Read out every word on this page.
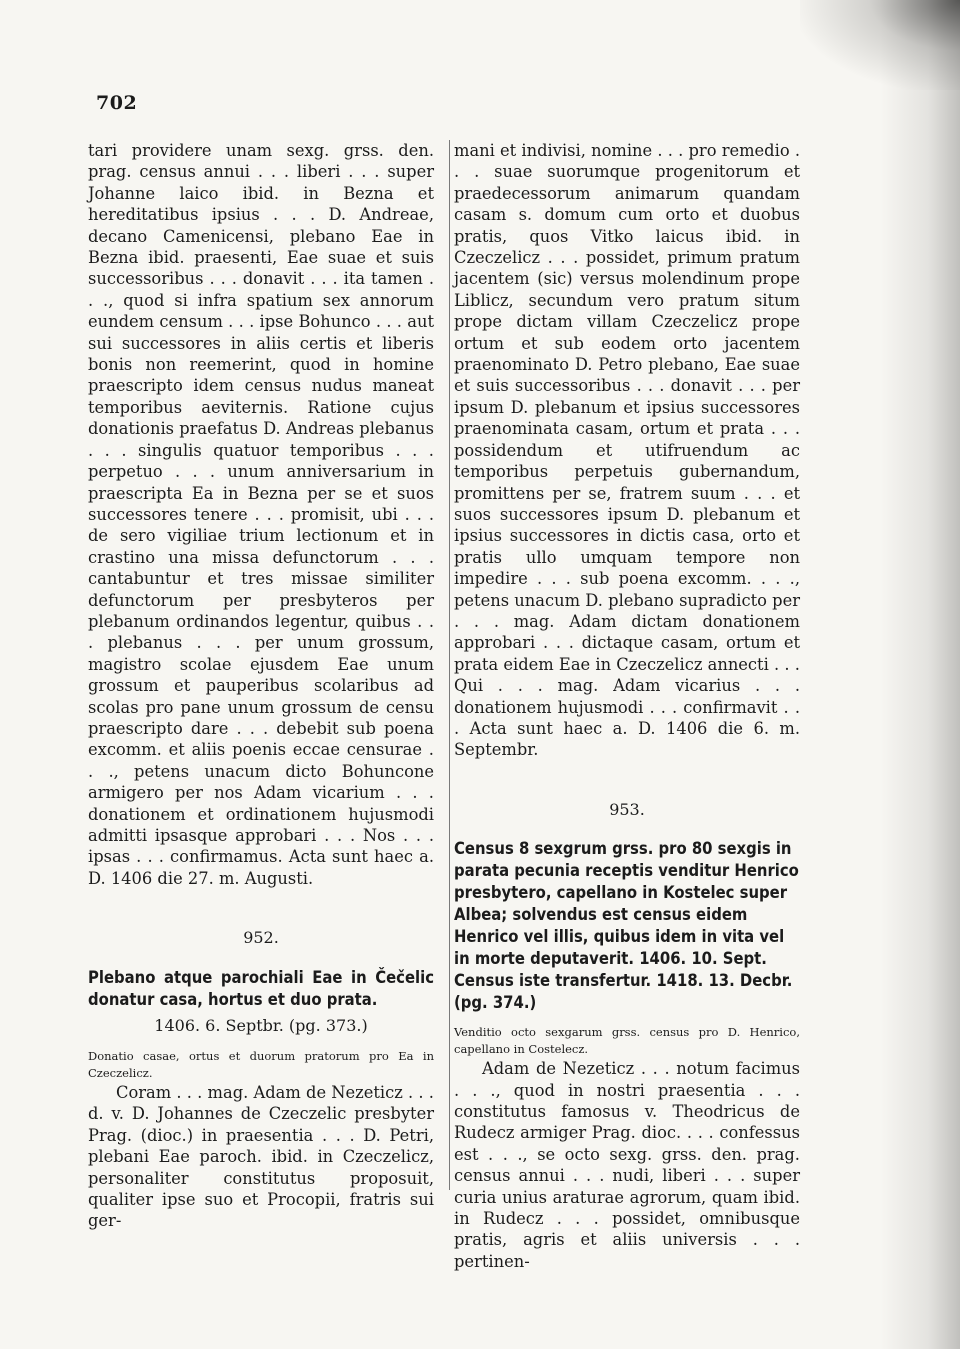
702

tari providere unam sexg. grss. den. prag. census annui . . . liberi . . . super Johanne laico ibid. in Bezna et hereditatibus ipsius . . . D. Andreae, decano Camenicensi, plebano Eae in Bezna ibid. praesenti, Eae suae et suis successoribus . . . donavit . . . ita tamen . . ., quod si infra spatium sex annorum eundem censum . . . ipse Bohunco . . . aut sui successores in aliis certis et liberis bonis non reemerint, quod in homine praescripto idem census nudus maneat temporibus aeviternis. Ratione cujus donationis praefatus D. Andreas plebanus . . . singulis quatuor temporibus . . . perpetuo . . . unum anniversarium in praescripta Ea in Bezna per se et suos successores tenere . . . promisit, ubi . . . de sero vigiliae trium lectionum et in crastino una missa defunctorum . . . cantabuntur et tres missae similiter defunctorum per presbyteros per plebanum ordinandos legentur, quibus . . . plebanus . . . per unum grossum, magistro scolae ejusdem Eae unum grossum et pauperibus scolaribus ad scolas pro pane unum grossum de censu praescripto dare . . . debebit sub poena excomm. et aliis poenis eccae censurae . . ., petens unacum dicto Bohuncone armigero per nos Adam vicarium . . . donationem et ordinationem hujusmodi admitti ipsasque approbari . . . Nos . . . ipsas . . . confirmamus. Acta sunt haec a. D. 1406 die 27. m. Augusti.

952.

Plebano atque parochiali Eae in Čečelic donatur casa, hortus et duo prata.

1406. 6. Septbr. (pg. 373.)

Donatio casae, ortus et duorum pratorum pro Ea in Czeczelicz.

Coram . . . mag. Adam de Nezeticz . . . d. v. D. Johannes de Czeczelic presbyter Prag. (dioc.) in praesentia . . . D. Petri, plebani Eae paroch. ibid. in Czeczelicz, personaliter constitutus proposuit, qualiter ipse suo et Procopii, fratris sui ger-

mani et indivisi, nomine . . . pro remedio . . . suae suorumque progenitorum et praedecessorum animarum quandam casam s. domum cum orto et duobus pratis, quos Vitko laicus ibid. in Czeczelicz . . . possidet, primum pratum jacentem (sic) versus molendinum prope Liblicz, secundum vero pratum situm prope dictam villam Czeczelicz prope ortum et sub eodem orto jacentem praenominato D. Petro plebano, Eae suae et suis successoribus . . . donavit . . . per ipsum D. plebanum et ipsius successores praenominata casam, ortum et prata . . . possidendum et utifruendum ac temporibus perpetuis gubernandum, promittens per se, fratrem suum . . . et suos successores ipsum D. plebanum et ipsius successores in dictis casa, orto et pratis ullo umquam tempore non impedire . . . sub poena excomm. . . ., petens unacum D. plebano supradicto per . . . mag. Adam dictam donationem approbari . . . dictaque casam, ortum et prata eidem Eae in Czeczelicz annecti . . . Qui . . . mag. Adam vicarius . . . donationem hujusmodi . . . confirmavit . . . Acta sunt haec a. D. 1406 die 6. m. Septembr.

953.

Census 8 sexgrum grss. pro 80 sexgis in parata pecunia receptis venditur Henrico presbytero, capellano in Kostelec super Albea; solvendus est census eidem Henrico vel illis, quibus idem in vita vel in morte deputaverit. 1406. 10. Sept. Census iste transfertur. 1418. 13. Decbr. (pg. 374.)

Venditio octo sexgarum grss. census pro D. Henrico, capellano in Costelecz.

Adam de Nezeticz . . . notum facimus . . ., quod in nostri praesentia . . . constitutus famosus v. Theodricus de Rudecz armiger Prag. dioc. . . . confessus est . . ., se octo sexg. grss. den. prag. census annui . . . nudi, liberi . . . super curia unius araturae agrorum, quam ibid. in Rudecz . . . possidet, omnibusque pratis, agris et aliis universis . . . pertinen-
